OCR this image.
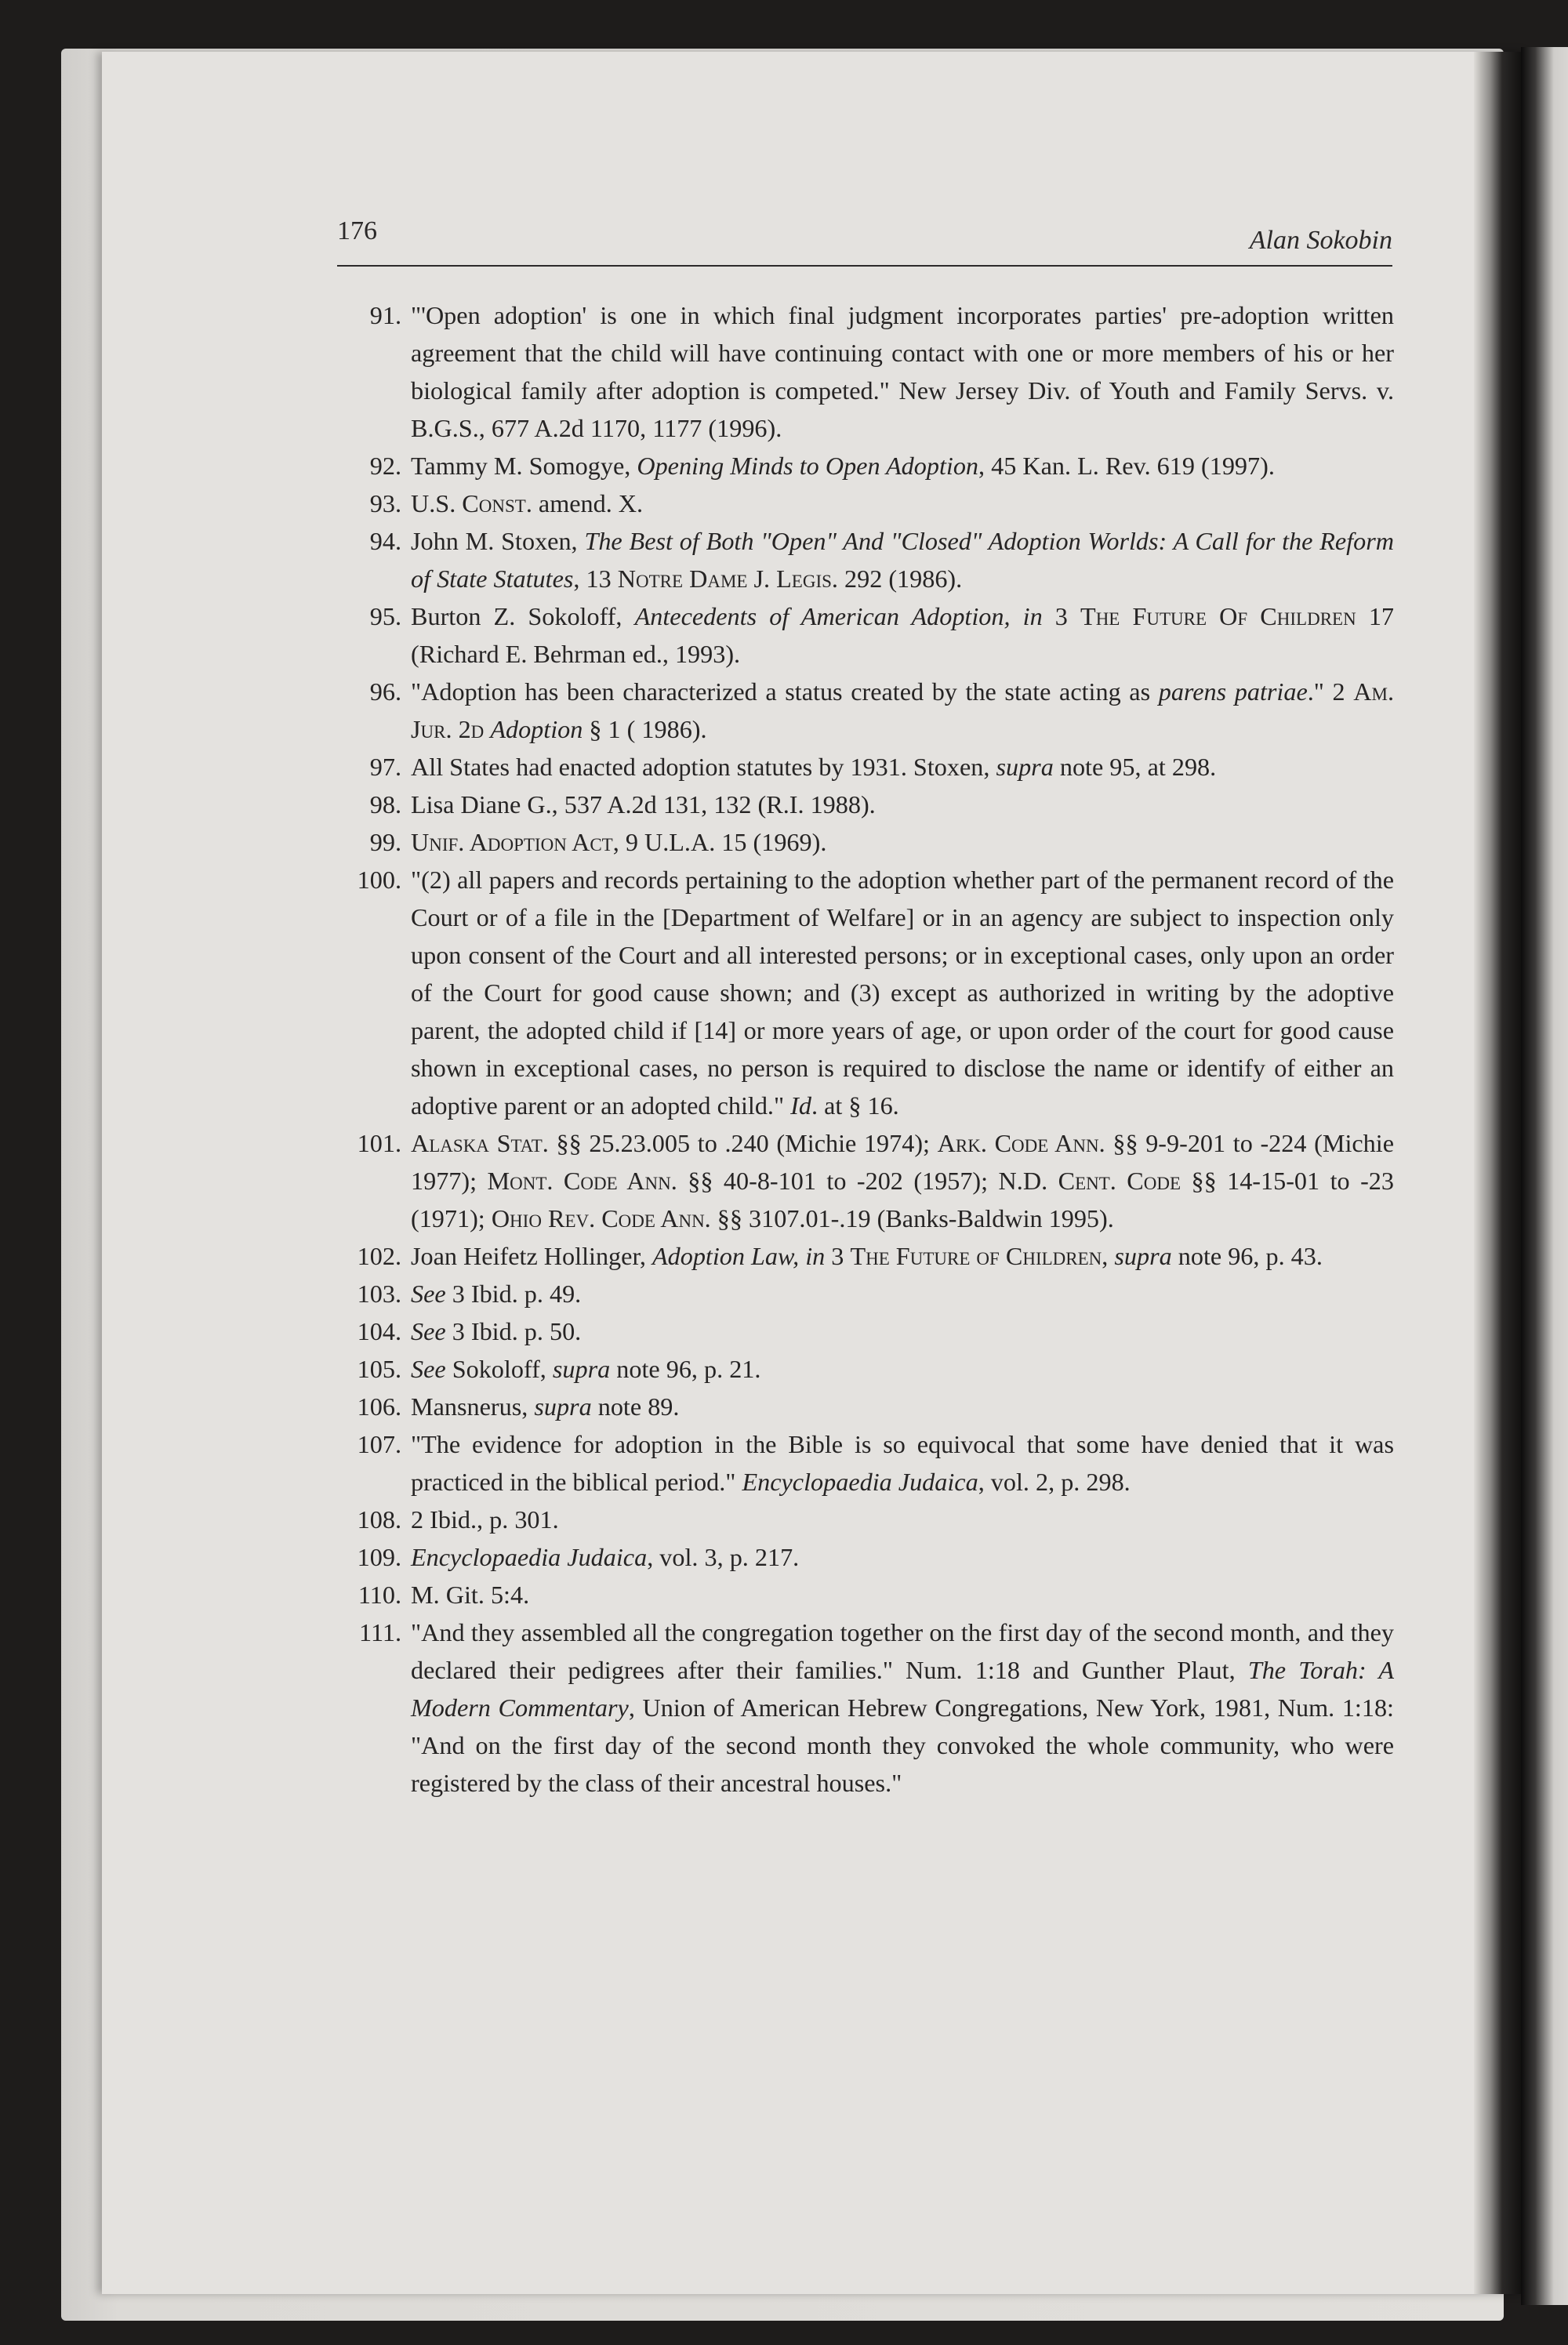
176	Alan Sokobin

91. "'Open adoption' is one in which final judgment incorporates parties' pre-adoption written agreement that the child will have continuing contact with one or more members of his or her biological family after adoption is competed." New Jersey Div. of Youth and Family Servs. v. B.G.S., 677 A.2d 1170, 1177 (1996).

92. Tammy M. Somogye, Opening Minds to Open Adoption, 45 Kan. L. Rev. 619 (1997).

93. U.S. Const. amend. X.

94. John M. Stoxen, The Best of Both "Open" And "Closed" Adoption Worlds: A Call for the Reform of State Statutes, 13 Notre Dame J. Legis. 292 (1986).

95. Burton Z. Sokoloff, Antecedents of American Adoption, in 3 The Future Of Children 17 (Richard E. Behrman ed., 1993).

96. "Adoption has been characterized a status created by the state acting as parens patriae." 2 Am. Jur. 2d Adoption § 1 ( 1986).

97. All States had enacted adoption statutes by 1931. Stoxen, supra note 95, at 298.

98. Lisa Diane G., 537 A.2d 131, 132 (R.I. 1988).

99. Unif. Adoption Act, 9 U.L.A. 15 (1969).

100. "(2) all papers and records pertaining to the adoption whether part of the permanent record of the Court or of a file in the [Department of Welfare] or in an agency are subject to inspection only upon consent of the Court and all interested persons; or in exceptional cases, only upon an order of the Court for good cause shown; and (3) except as authorized in writing by the adoptive parent, the adopted child if [14] or more years of age, or upon order of the court for good cause shown in exceptional cases, no person is required to disclose the name or identify of either an adoptive parent or an adopted child." Id. at § 16.

101. Alaska Stat. §§ 25.23.005 to .240 (Michie 1974); Ark. Code Ann. §§ 9-9-201 to -224 (Michie 1977); Mont. Code Ann. §§ 40-8-101 to -202 (1957); N.D. Cent. Code §§ 14-15-01 to -23 (1971); Ohio Rev. Code Ann. §§ 3107.01-.19 (Banks-Baldwin 1995).

102. Joan Heifetz Hollinger, Adoption Law, in 3 The Future of Children, supra note 96, p. 43.

103. See 3 Ibid. p. 49.

104. See 3 Ibid. p. 50.

105. See Sokoloff, supra note 96, p. 21.

106. Mansnerus, supra note 89.

107. "The evidence for adoption in the Bible is so equivocal that some have denied that it was practiced in the biblical period." Encyclopaedia Judaica, vol. 2, p. 298.

108. 2 Ibid., p. 301.

109. Encyclopaedia Judaica, vol. 3, p. 217.

110. M. Git. 5:4.

111. "And they assembled all the congregation together on the first day of the second month, and they declared their pedigrees after their families." Num. 1:18 and Gunther Plaut, The Torah: A Modern Commentary, Union of American Hebrew Congregations, New York, 1981, Num. 1:18: "And on the first day of the second month they convoked the whole community, who were registered by the class of their ancestral houses."
